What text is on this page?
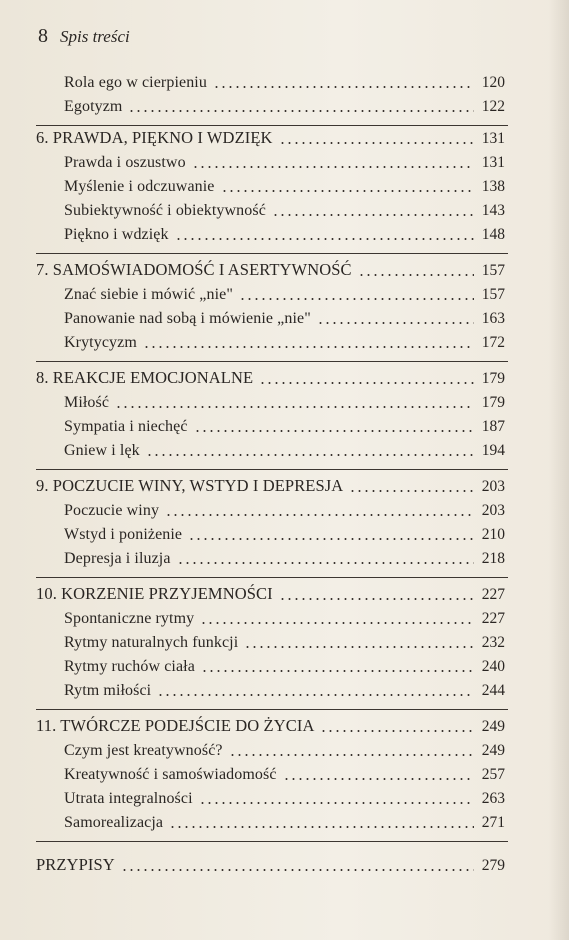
8 Spis treści
Rola ego w cierpieniu	120
Egotyzm	122
6. PRAWDA, PIĘKNO I WDZIĘK	131
Prawda i oszustwo	131
Myślenie i odczuwanie	138
Subiektywność i obiektywność	143
Piękno i wdzięk	148
7. SAMOŚWIADOMOŚĆ I ASERTYWNOŚĆ	157
Znać siebie i mówić „nie"	157
Panowanie nad sobą i mówienie „nie"	163
Krytycyzm	172
8. REAKCJE EMOCJONALNE	179
Miłość	179
Sympatia i niechęć	187
Gniew i lęk	194
9. POCZUCIE WINY, WSTYD I DEPRESJA	203
Poczucie winy	203
Wstyd i poniżenie	210
Depresja i iluzja	218
10. KORZENIE PRZYJEMNOŚCI	227
Spontaniczne rytmy	227
Rytmy naturalnych funkcji	232
Rytmy ruchów ciała	240
Rytm miłości	244
11. TWÓRCZE PODEJŚCIE DO ŻYCIA	249
Czym jest kreatywność?	249
Kreatywność i samoświadomość	257
Utrata integralności	263
Samorealizacja	271
PRZYPISY	279
